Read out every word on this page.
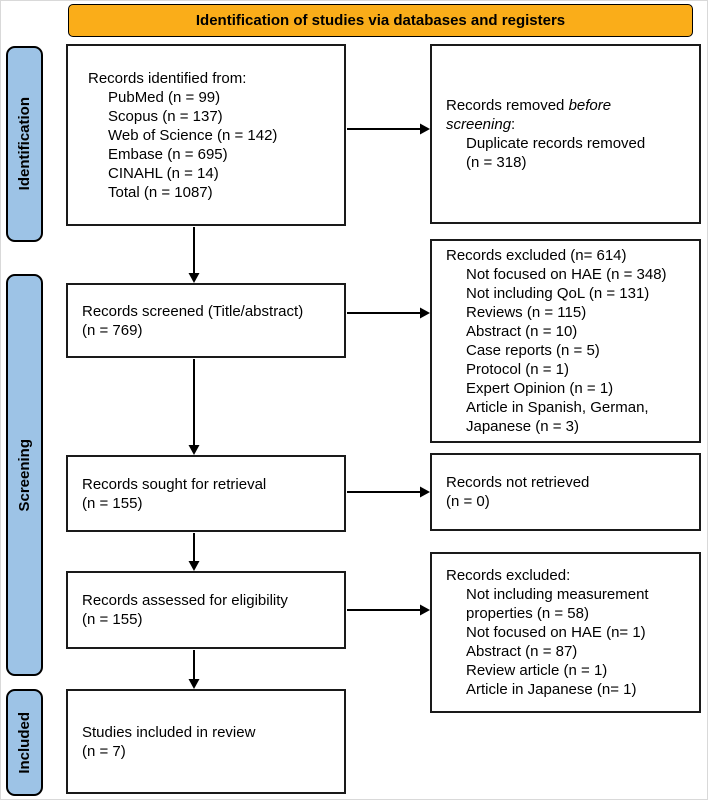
Identification of studies via databases and registers
Identification
Screening
Included
Records identified from:
PubMed (n = 99)
Scopus (n = 137)
Web of Science (n = 142)
Embase (n = 695)
CINAHL (n = 14)
Total (n = 1087)
Records screened (Title/abstract)
(n = 769)
Records sought for retrieval
(n = 155)
Records assessed for eligibility
(n = 155)
Studies included in review
(n = 7)
Records removed before
screening:
Duplicate records removed
(n = 318)
Records excluded (n= 614)
Not focused on HAE (n = 348)
Not including QoL (n = 131)
Reviews (n = 115)
Abstract (n = 10)
Case reports (n = 5)
Protocol (n = 1)
Expert Opinion (n = 1)
Article in Spanish, German,
Japanese (n = 3)
Records not retrieved
(n = 0)
Records excluded:
Not including measurement
properties (n = 58)
Not focused on HAE (n= 1)
Abstract (n = 87)
Review article (n = 1)
Article in Japanese (n= 1)
